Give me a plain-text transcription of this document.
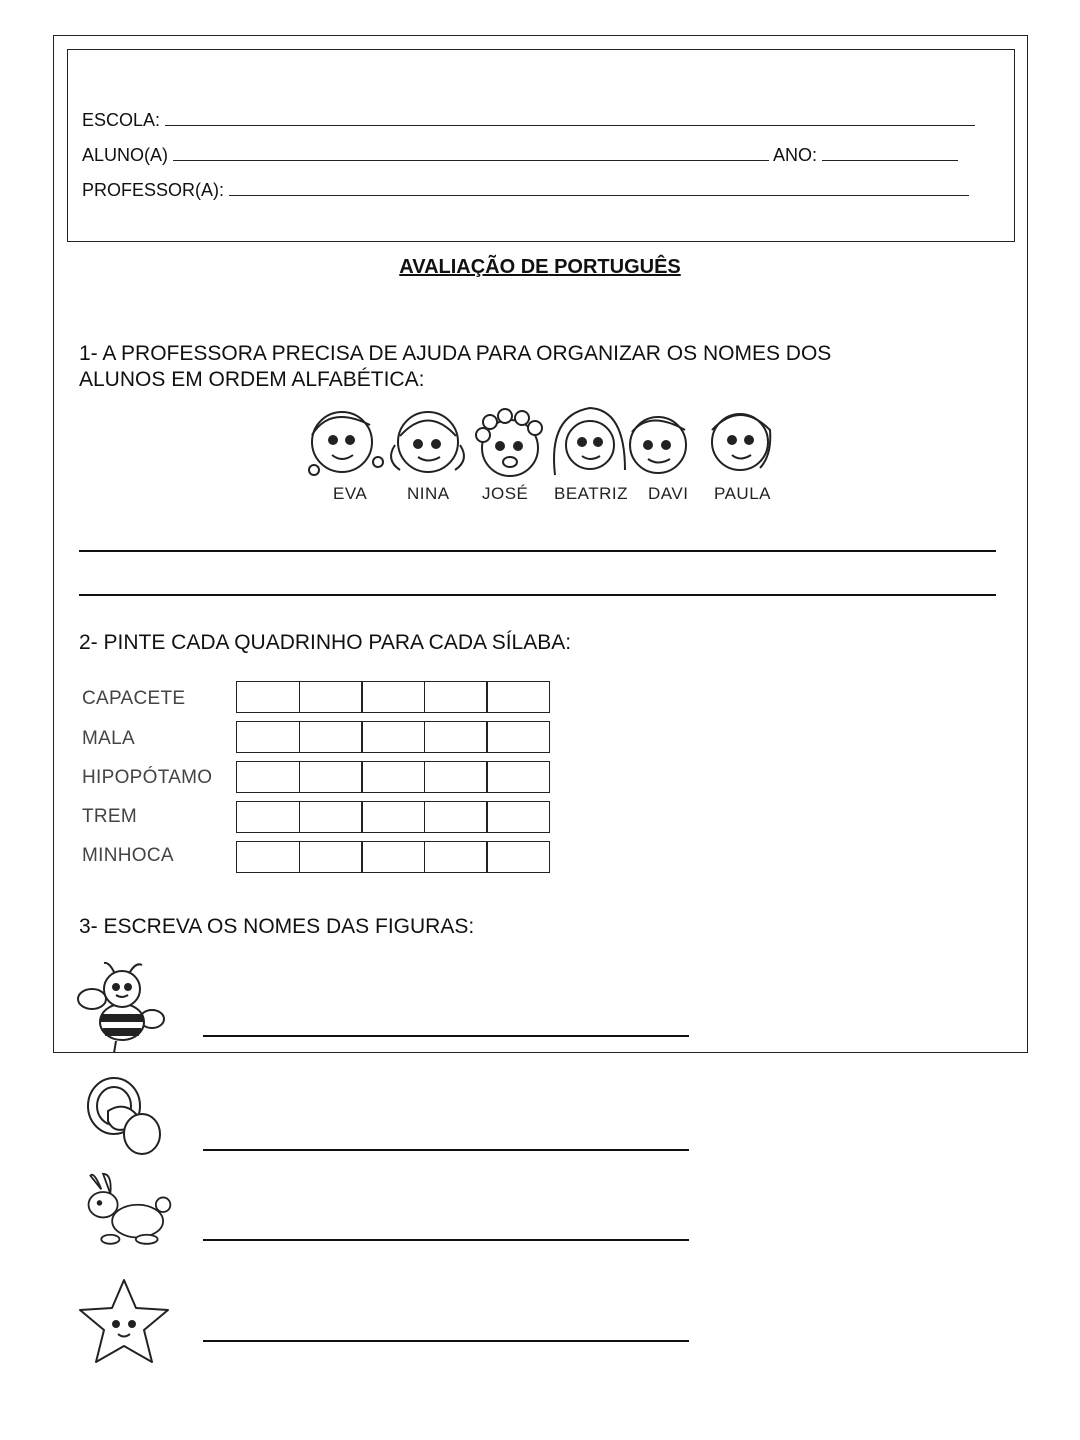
ESCOLA:
ALUNO(A)	ANO:
PROFESSOR(A):
AVALIAÇÃO DE PORTUGUÊS
1- A PROFESSORA PRECISA DE AJUDA PARA ORGANIZAR OS NOMES DOS
ALUNOS EM ORDEM ALFABÉTICA:
EVA NINA JOSÉ BEATRIZ DAVI PAULA
2- PINTE CADA QUADRINHO PARA CADA SÍLABA:
CAPACETE
MALA
HIPOPÓTAMO
TREM
MINHOCA
3- ESCREVA OS NOMES DAS FIGURAS:
